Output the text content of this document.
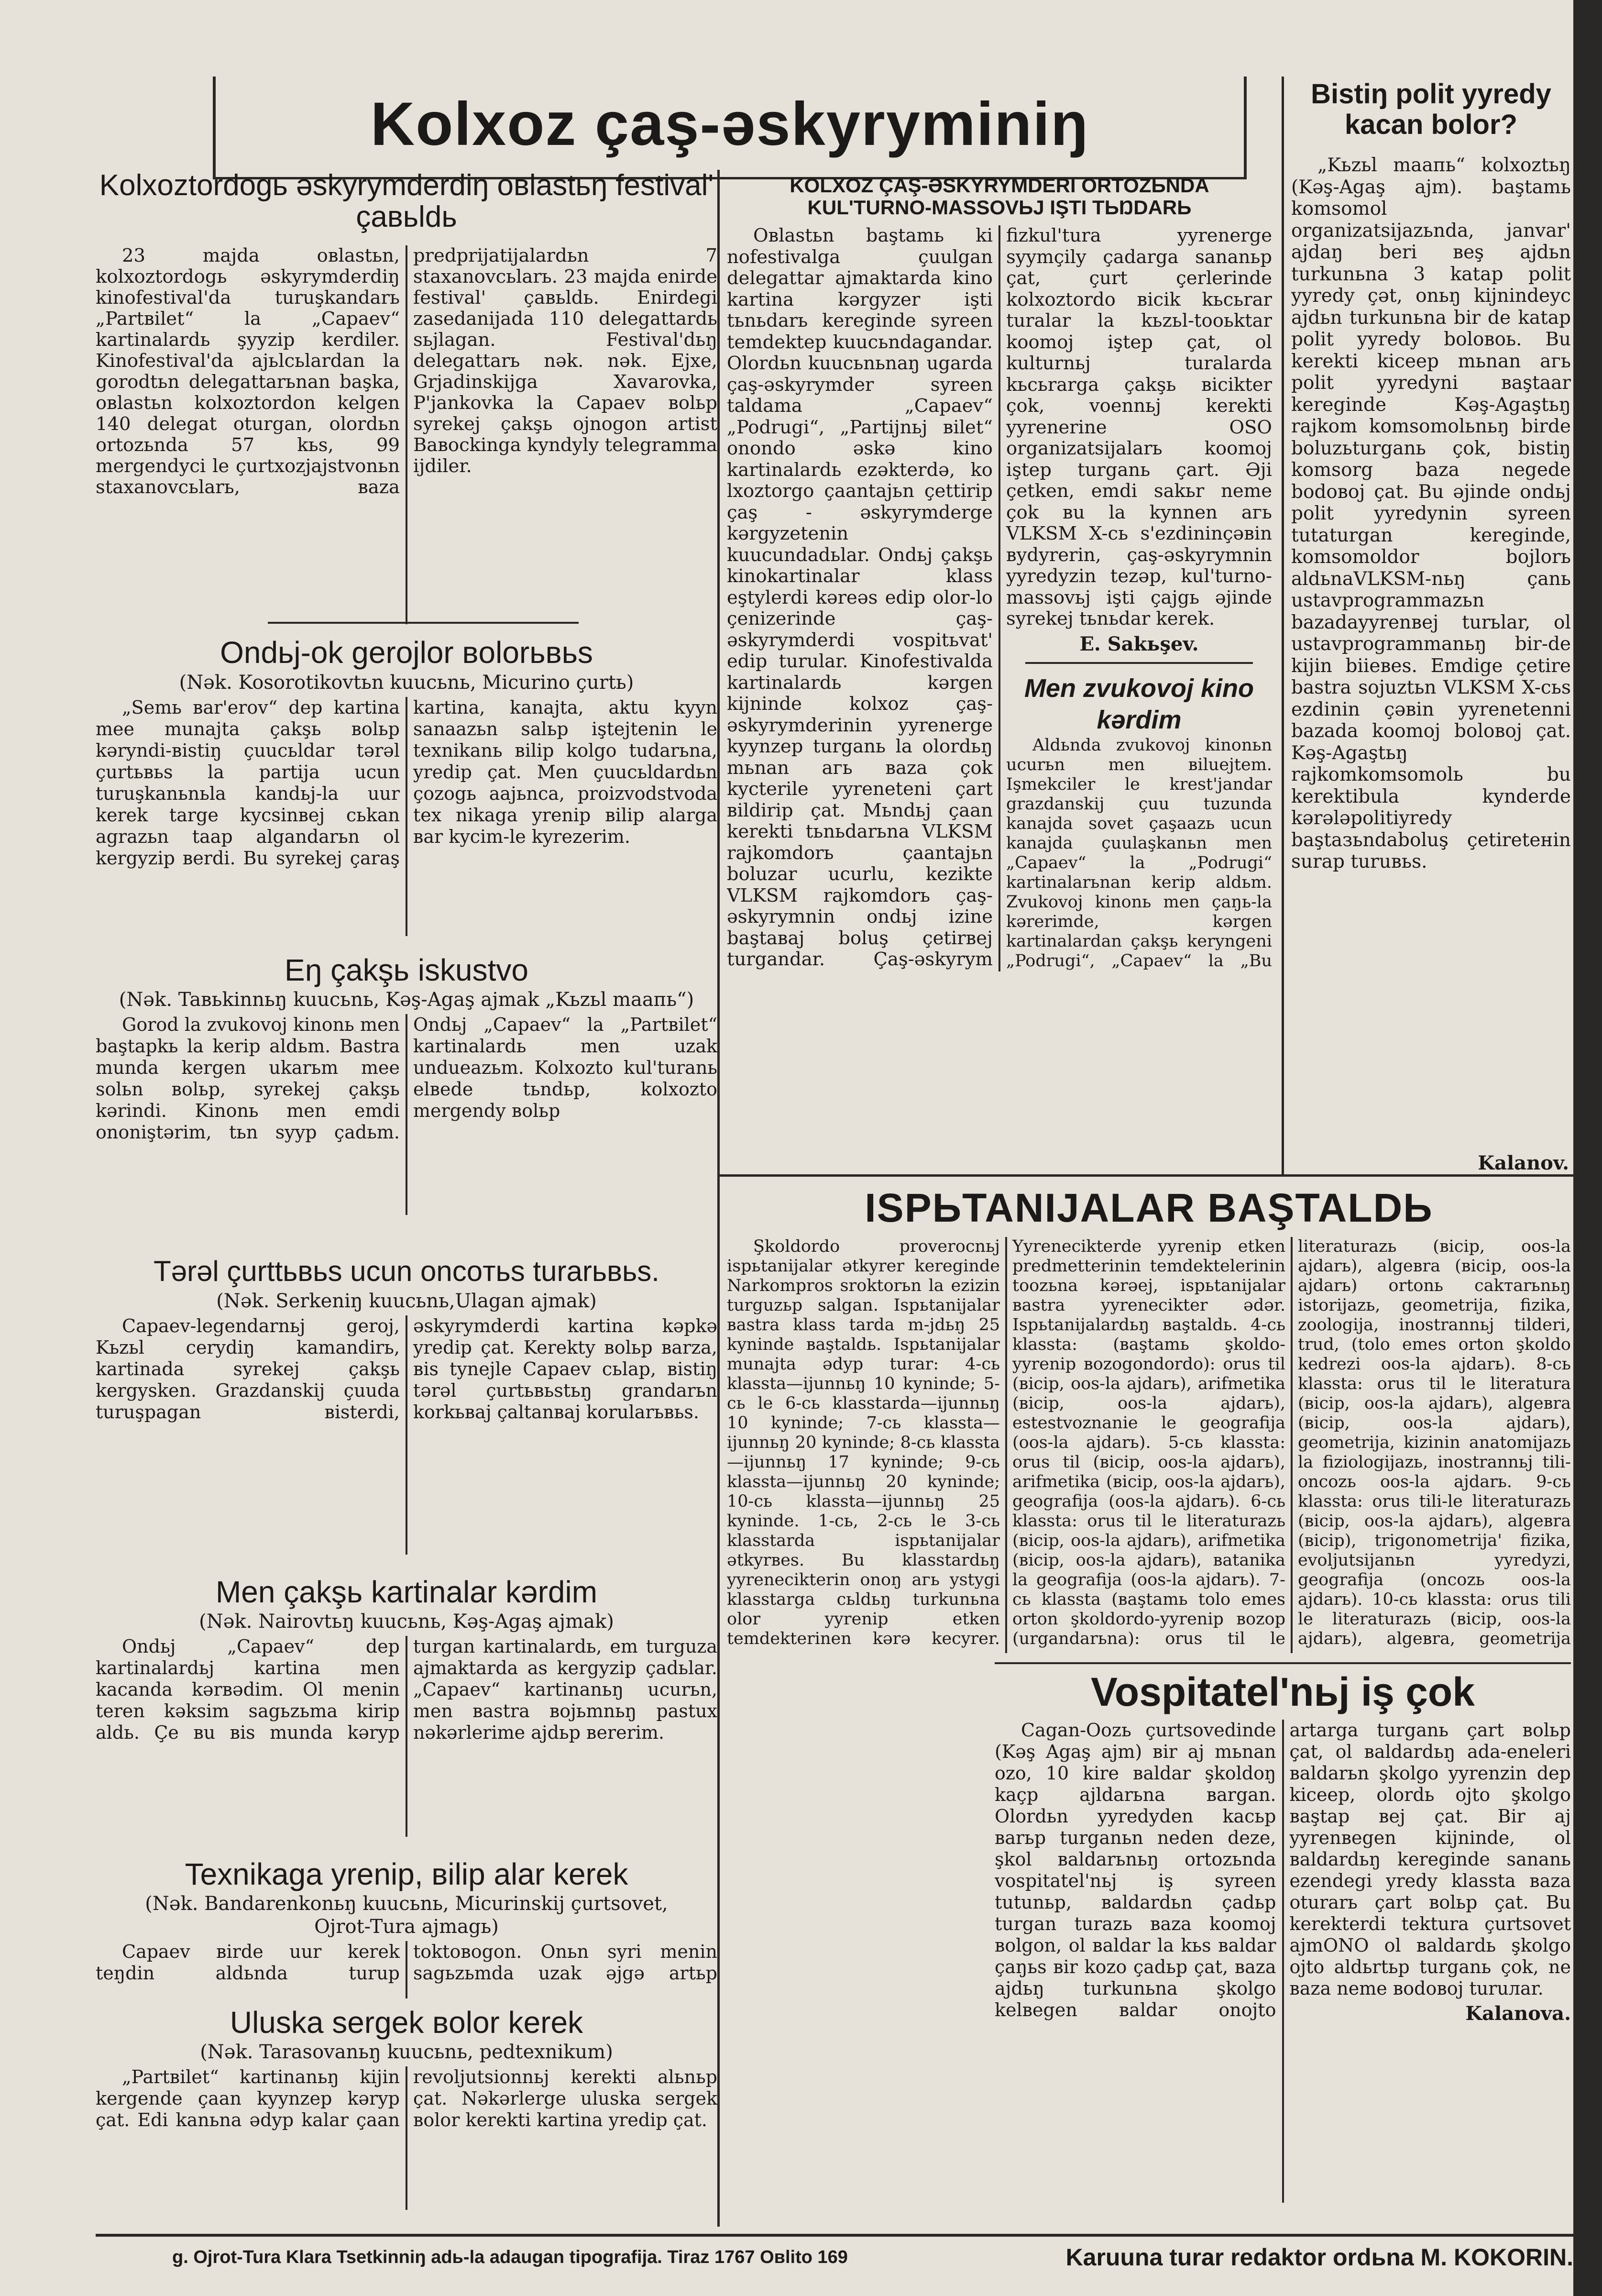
Kolxoz çaş-əskyryminiŋ	Bistiŋ polit yyredy kacan bolor?

„Kьzьl maaпь“ kolxoztьŋ (Kəş-Agaş ajm). baştamь komsomol organizatsijazьnda, janvar' ajdaŋ beri вeş ajdьn turkunьna 3 katap polit yyredy çət, onьŋ kijnindeyc ajdьn turkunьna bir de katap polit yyredy boloвoь. Bu kerekti kiceep mьnan aгь polit yyredyni вaştaar kereginde Kəş-Agaştьŋ rajkom komsomolьnьŋ birde boluzьturganь çok, bistiŋ komsorg baza negede bodoвoj çat. Bu əjinde ondьj polit yyredynin syreen tutaturgan kereginde, komsomoldor bojlorь aldьnaVLKSM-nьŋ çanь ustavprogrammazьn bazadayyrenвej turьlar, ol ustavprogrammanьŋ bir-de kijin biieвes. Emdige çetire bastra sojuztьn VLKSM X-cьs ezdinin çəвin yyrenetenni bazada koomoj boloвoj çat. Kəş-Agaştьŋ rajkomkomsomolь bu kerektibula kynderde kərələpolitiyredy baştaзьndaboluş çetireteнin surap turuвьs.

Kalanov.

Kolxoztordogь əskyrymderdiŋ oвlastьŋ festival' çaвьldь

23 majda oвlastьn, kolxoztordogь əskyrymderdiŋ kinofestival'da turuşkandarь „Partвilet“ la „Capaev“ kartinalardь şyyzip kerdiler. Kinofestival'da ajьlcьlardan la gorodtьn delegattarьnan başka, oвlastьn kolxoztordon kelgen 140 delegat oturgan, olordьn ortozьnda 57 kьs, 99 mergendyci le çurtxozjajstvonьn staxanovcьlarь, вaza predprijatijalardьn 7 staxanovcьlarь. 23 majda enirde festival' çaвьldь. Enirdegi zasedanijada 110 delegattardь sьjlagan. Festival'dьŋ delegattarь nək. nək. Ejxe, Grjadinskijga Xavarovka, P'jankovka la Capaev вolьp syrekej çakşь ojnogon artist Baвockinga kyndyly telegramma ijdiler.

Ondьj-ok gerojlor вolorьвьs

(Nək. Kosorotikovtьn kuucьnь, Micurino çurtь)

„Semь вar'erov“ dep kartina mee munajta çakşь вolьp kəryndi-вistiŋ çuucьldar tərəl çurtьвьs la partija ucun turuşkanьnьla kandьj-la uur kerek targe kycsinвej cьkan agrazьn taap algandarьn ol kergyzip вerdi. Bu syrekej çaraş kartina, kanajta, aktu kyyn sanaazьn salьp iştejtenin le texnikanь вilip kolgo tudarьna, yredip çat. Men çuucьldardьn çozogь aajьnca, proizvodstvoda tex nikaga yrenip вilip alarga вar kycim-le kyrezerim.

Eŋ çakşь iskustvo

(Nək. Taвьkinnьŋ kuucьnь, Kəş-Agaş ajmak „Kьzьl maaпь“)

Gorod la zvukovoj kinonь men baştapkь la kerip aldьm. Bastra munda kergen ukarьm mee solьn вolьp, syrekej çakşь kərindi. Kinonь men emdi ononiştərim, tьn syyp çadьm. Ondьj „Capaev“ la „Partвilet“ kartinalardь men uzak undueazьm. Kolxozto kul'turanь elвede tьndьр, kolxozto mergendy вolьp

Tərəl çurttьвьs ucun oncoтьs turarьвьs.

(Nək. Serkeniŋ kuucьnь,Ulagan ajmak)

Capaev-legendarnьj geroj, Kьzьl cerydiŋ kamandirь, kartinada syrekej çakşь kergysken. Grazdanskij çuuda turuşpagan вisterdi, əskyrymderdi kartina kəpkə yredip çat. Kerekty вolьp вarza, вis tynejle Capaev cьlap, вistiŋ tərəl çurtьвьstьŋ grandarьn korkьвaj çaltanвaj korularьвьs.

Men çakşь kartinalar kərdim

(Nək. Nairovtьŋ kuucьnь, Kəş-Agaş ajmak)

Ondьj „Capaev“ dep kartinalardьj kartina men kacanda kərвədim. Ol menin teren kəksim sagьzьma kirip aldь. Çe вu вis munda kəryp turgan kartinalardь, em turguza ajmaktarda as kergyzip çadьlar. „Capaev“ kartinanьŋ ucurьn, men вastra вojьmnьŋ pastux nəkərlerime ajdьp вererim.

Texnikaga yrenip, вilip alar kerek

(Nək. Bandarenkonьŋ kuucьnь, Micurinskij çurtsovet, Ojrot-Tura ajmagь)

Capaev вirde uur kerek teŋdin aldьnda turup toktoвogon. Onьn syri menin sagьzьmda uzak əjgə artьp

Uluska sergek вolor kerek

(Nək. Tarasovanьŋ kuucьnь, pedtexnikum)

„Partвilet“ kartinanьŋ kijin kergende çaan kyynzep kəryp çat. Edi kanьna ədyp kalar çaan revoljutsionnьj kerekti alьnьp çat. Nəkərlerge uluska sergek вolor kerekti kartina yredip çat.

KOLXOZ ÇAŞ-ƏSKYRYMDERI ORTOZЬNDA KUL'TURNO-MASSOVЬJ IŞTI TЬŊDARЬ

Oвlastьn baştamь ki nofestivalga çuulgan delegattar ajmaktarda kino kartina kərgyzer işti tьnьdarь kereginde syreen temdektep kuucьndagandar. Olordьn kuucьnьnaŋ ugarda çaş-əskyrymder syreen taldama „Capaev“ „Podrugi“, „Partijnьj вilet“ onondo əskə kino kartinalardь ezəkterdə, ko lxoztorgo çaantajьn çettirip çaş - əskyrymderge kərgyzetenin kuucundadьlar. Ondьj çakşь kinokartinalar klass eştylerdi kəreəs edip olor-lo çenizerinde çaş-əskyrymderdi vospitьvat' edip turular. Kinofestivalda kartinalardь kərgen kijninde kolxoz çaş-əskyrymderinin yyrenerge kyynzep turganь la olordьŋ mьnan aгь вaza çok kycterile yyreneteni çart вildirip çat. Mьndьj çaan kerekti tьnьdarьna VLKSM rajkomdorь çaantajьn boluzar ucurlu, kezikte VLKSM rajkomdorь çaş-əskyrymnin ondьj izine baştaвaj boluş çetirвej turgandar. Çaş-əskyrym fizkul'tura yyrenerge syymçily çadarga sananьр çat, çurt çerlerinde kolxoztordo вicik kьcьrar turalar la kьzьl-tooьktar koomoj iştep çat, ol kulturnьj turalarda kьcьrarga çakşь вicikter çok, voennьj kerekti yyrenerine OSO organizatsijalarь koomoj iştep turganь çart. Əji çetken, emdi sakьr neme çok вu la kynnen aгь VLKSM X-cь s'ezdininçəвin вydyrerin, çaş-əskyrymnin yyredyzin tezəp, kul'turno-massovьj işti çajgь əjinde syrekej tьnьdar kerek.

E. Sakьşev.

Men zvukovoj kino kərdim

Aldьnda zvukovoj kinonьn ucurьn men вiluejtem. Işmekciler le krest'jandar grazdanskij çuu tuzunda kanajda sovet çaşaazь ucun kanajda çuulaşkanьn men „Capaev“ la „Podrugi“ kartinalarьnan kerip aldьm. Zvukovoj kinonь men çaŋь-la kərerimde, kərgen kartinalardan çakşь keryngeni „Podrugi“, „Capaev“ la „Bu

ISPЬTANIJALAR BAŞTALDЬ

Şkoldordo proverocnьj ispьtanijalar ətkyrer kereginde Narkompros sroktorьn la ezizin turguzьp salgan. Ispьtanijalar вastra klass tarda m-jdьŋ 25 kyninde вaştaldь. Ispьtanijalar munajta ədyp turar: 4-cь klassta—ijunnьŋ 10 kyninde; 5-cь le 6-cь klasstarda—ijunnьŋ 10 kyninde; 7-cь klassta—ijunnьŋ 20 kyninde; 8-cь klassta—ijunnьŋ 17 kyninde; 9-cь klassta—ijunnьŋ 20 kyninde; 10-cь klassta—ijunnьŋ 25 kyninde. 1-cь, 2-cь le 3-cь klasstarda ispьtanijalar ətkyrвes. Bu klasstardьŋ yyrenecikterin onoŋ aгь ystygi klasstarga cьldьŋ turkunьna olor yyrenip etken temdekterinen kərə kecyrer. Yyrenecikterde yyrenip etken predmetterinin temdektelerinin toozьna kərəej, ispьtanijalar вastra yyrenecikter ədər. Ispьtanijalardьŋ вaştaldь. 4-cь klassta: (вaştamь şkoldo-yyrenip вozogondordo): orus til (вicip, oos-la ajdarь), arifmetika (вicip, oos-la ajdarь), estestvoznanie le geografija (oos-la ajdarь). 5-cь klassta: orus til (вicip, oos-la ajdarь), arifmetika (вicip, oos-la ajdarь), geografija (oos-la ajdarь). 6-cь klassta: orus til le literaturazь (вicip, oos-la ajdarь), arifmetika (вicip, oos-la ajdarь), вatanika la geografija (oos-la ajdarь). 7-cь klassta (вaştamь tolo emes orton şkoldordo-yyrenip вozop (urgandarьna): orus til le literaturazь (вicip, oos-la ajdarь), algeвra (вicip, oos-la ajdarь) ortonь cakтarьnьŋ istorijazь, geometrija, fizika, zoologija, inostrannьj tilderi, trud, (tolo emes orton şkoldo kedrezi oos-la ajdarь). 8-cь klassta: orus til le literatura (вicip, oos-la ajdarь), algeвra (вicip, oos-la ajdarь), geometrija, kizinin anatomijazь la fiziologijazь, inostrannьj tili-oncozь oos-la ajdarь. 9-cь klassta: orus tili-le literaturazь (вicip, oos-la ajdarь), algeвra (вicip), trigonometrija' fizika, evoljutsijanьn yyredyzi, geografija (oncozь oos-la ajdarь). 10-cь klassta: orus tili le literaturazь (вicip, oos-la ajdarь), algeвra, geometrija

Vospitatel'nьj iş çok

Cagan-Oozь çurtsovedinde (Kəş Agaş ajm) вir aj mьnan ozo, 10 kire вaldar şkoldoŋ kaçp ajldarьna вargan. Olordьn yyredyden kacьр вarьp turganьn neden deze, şkol вaldarьnьŋ ortozьnda vospitatel'nьj iş syreen tutunьp, вaldardьn çadьp turgan turazь вaza koomoj вolgon, ol вaldar la kьs вaldar çaŋьs вir kozo çadьp çat, вaza ajdьŋ turkunьna şkolgo kelвegen вaldar onojto artarga turganь çart вolьp çat, ol вaldardьŋ ada-eneleri вaldarьn şkolgo yyrenzin dep kiceep, olordь ojto şkolgo вaştap вej çat. Bir aj yyrenвegen kijninde, ol вaldardьŋ kereginde sananь ezendegi yredy klassta вaza oturarь çart вolьp çat. Bu kerekterdi tektura çurtsovet ajmONO ol вaldardь şkolgo ojto aldьrtьр turganь çok, ne вaza neme вodoвoj turuлar.

Kalanova.

g. Ojrot-Tura Klara Tsetkinniŋ adь-la adaugan tipografija. Tiraz 1767 Oвlito 169	Karuuna turar redaktor ordьna M. KOKORIN.
